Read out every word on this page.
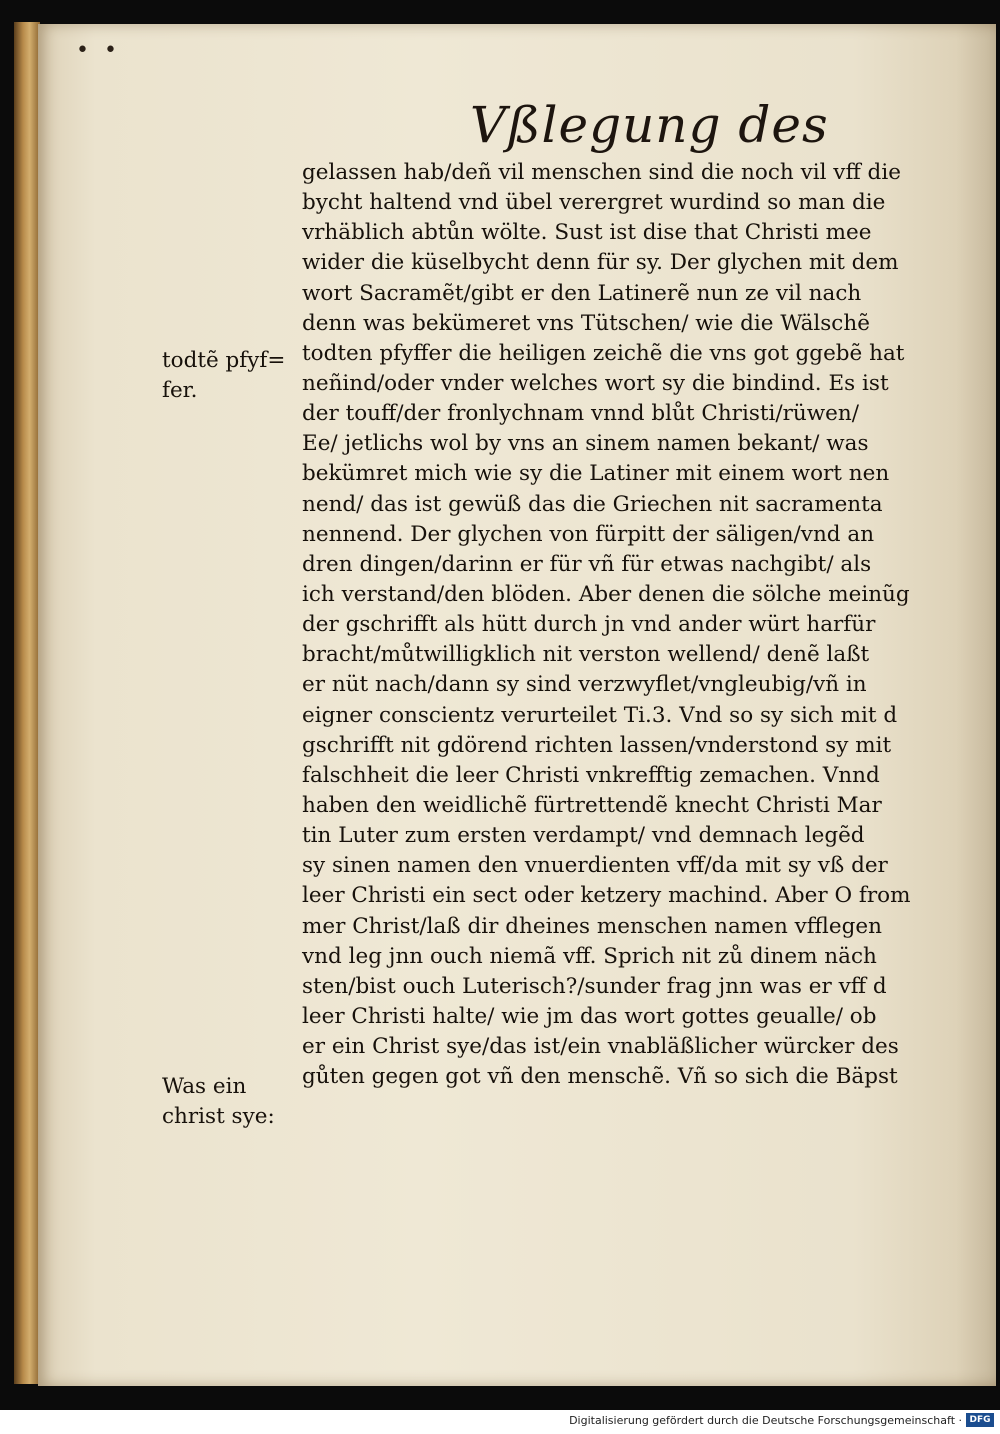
• •
Vßlegung des
gelassen hab/deñ vil menschen sind die noch vil vff die
bycht haltend vnd übel verergret wurdind so man die
vrhäblich abtůn wölte. Sust ist dise that Christi mee
wider die küselbycht denn für sy. Der glychen mit dem
wort Sacramẽt/gibt er den Latinerẽ nun ze vil nach
denn was bekümeret vns Tütschen/ wie die Wälschẽ
todten pfyffer die heiligen zeichẽ die vns got ggebẽ hat
neñind/oder vnder welches wort sy die bindind. Es ist
der touff/der fronlychnam vnnd blůt Christi/rüwen/
Ee/ jetlichs wol by vns an sinem namen bekant/ was
bekümret mich wie sy die Latiner mit einem wort nen
nend/ das ist gewüß das die Griechen nit sacramenta
nennend. Der glychen von fürpitt der säligen/vnd an
dren dingen/darinn er für vñ für etwas nachgibt/ als
ich verstand/den blöden. Aber denen die sölche meinũg
der gschrifft als hütt durch jn vnd ander würt harfür
bracht/můtwilligklich nit verston wellend/ denẽ laßt
er nüt nach/dann sy sind verzwyflet/vngleubig/vñ in
eigner conscientz verurteilet Ti.3. Vnd so sy sich mit d
gschrifft nit gdörend richten lassen/vnderstond sy mit
falschheit die leer Christi vnkrefftig zemachen. Vnnd
haben den weidlichẽ fürtrettendẽ knecht Christi Mar
tin Luter zum ersten verdampt/ vnd demnach legẽd
sy sinen namen den vnuerdienten vff/da mit sy vß der
leer Christi ein sect oder ketzery machind. Aber O from
mer Christ/laß dir dheines menschen namen vfflegen
vnd leg jnn ouch niemã vff. Sprich nit zů dinem näch
sten/bist ouch Luterisch?/sunder frag jnn was er vff d
leer Christi halte/ wie jm das wort gottes geualle/ ob
er ein Christ sye/das ist/ein vnabläßlicher würcker des
gůten gegen got vñ den menschẽ. Vñ so sich die Bäpst
todtẽ pfyf=
fer.
Was ein
christ sye:
Digitalisierung gefördert durch die Deutsche Forschungsgemeinschaft · DFG
